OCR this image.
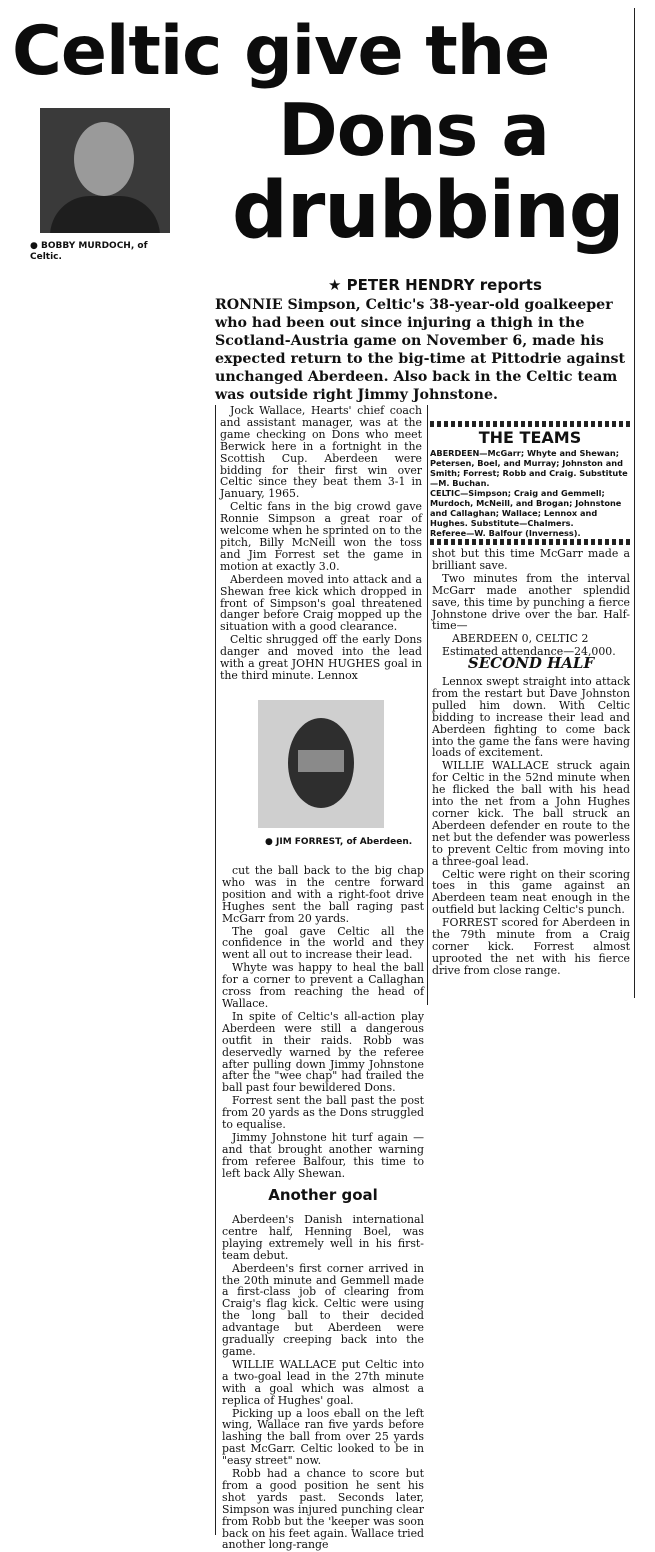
Celtic give the
Dons a
drubbing
● BOBBY MURDOCH, of Celtic.
★ PETER HENDRY reports
RONNIE Simpson, Celtic's 38-year-old goalkeeper who had been out since injuring a thigh in the Scotland-Austria game on November 6, made his expected return to the big-time at Pittodrie against unchanged Aberdeen. Also back in the Celtic team was outside right Jimmy Johnstone.

Jock Wallace, Hearts' chief coach and assistant manager, was at the game checking on Dons who meet Berwick here in a fortnight in the Scottish Cup. Aberdeen were bidding for their first win over Celtic since they beat them 3-1 in January, 1965.

Celtic fans in the big crowd gave Ronnie Simpson a great roar of welcome when he sprinted on to the pitch, Billy McNeill won the toss and Jim Forrest set the game in motion at exactly 3.0.

Aberdeen moved into attack and a Shewan free kick which dropped in front of Simpson's goal threatened danger before Craig mopped up the situation with a good clearance.

Celtic shrugged off the early Dons danger and moved into the lead with a great JOHN HUGHES goal in the third minute. Lennox

● JIM FORREST, of Aberdeen.

cut the ball back to the big chap who was in the centre forward position and with a right-foot drive Hughes sent the ball raging past McGarr from 20 yards.

The goal gave Celtic all the confidence in the world and they went all out to increase their lead.

Whyte was happy to heal the ball for a corner to prevent a Callaghan cross from reaching the head of Wallace.

In spite of Celtic's all-action play Aberdeen were still a dangerous outfit in their raids. Robb was deservedly warned by the referee after pulling down Jimmy Johnstone after the "wee chap" had trailed the ball past four bewildered Dons.

Forrest sent the ball past the post from 20 yards as the Dons struggled to equalise.

Jimmy Johnstone hit turf again —and that brought another warning from referee Balfour, this time to left back Ally Shewan.

Another goal

Aberdeen's Danish international centre half, Henning Boel, was playing extremely well in his first-team debut.

Aberdeen's first corner arrived in the 20th minute and Gemmell made a first-class job of clearing from Craig's flag kick. Celtic were using the long ball to their decided advantage but Aberdeen were gradually creeping back into the game.

WILLIE WALLACE put Celtic into a two-goal lead in the 27th minute with a goal which was almost a replica of Hughes' goal.

Picking up a loos eball on the left wing, Wallace ran five yards before lashing the ball from over 25 yards past McGarr. Celtic looked to be in "easy street" now.

Robb had a chance to score but from a good position he sent his shot yards past. Seconds later, Simpson was injured punching clear from Robb but the 'keeper was soon back on his feet again. Wallace tried another long-range

THE TEAMS

ABERDEEN—McGarr; Whyte and Shewan; Petersen, Boel, and Murray; Johnston and Smith; Forrest; Robb and Craig. Substitute—M. Buchan.

CELTIC—Simpson; Craig and Gemmell; Murdoch, McNeill, and Brogan; Johnstone and Callaghan; Wallace; Lennox and Hughes. Substitute—Chalmers.

Referee—W. Balfour (Inverness).

shot but this time McGarr made a brilliant save.

Two minutes from the interval McGarr made another splendid save, this time by punching a fierce Johnstone drive over the bar. Half-time—

ABERDEEN 0, CELTIC 2

Estimated attendance—24,000.

SECOND HALF

Lennox swept straight into attack from the restart but Dave Johnston pulled him down. With Celtic bidding to increase their lead and Aberdeen fighting to come back into the game the fans were having loads of excitement.

WILLIE WALLACE struck again for Celtic in the 52nd minute when he flicked the ball with his head into the net from a John Hughes corner kick. The ball struck an Aberdeen defender en route to the net but the defender was powerless to prevent Celtic from moving into a three-goal lead.

Celtic were right on their scoring toes in this game against an Aberdeen team neat enough in the outfield but lacking Celtic's punch.

FORREST scored for Aberdeen in the 79th minute from a Craig corner kick. Forrest almost uprooted the net with his fierce drive from close range.
